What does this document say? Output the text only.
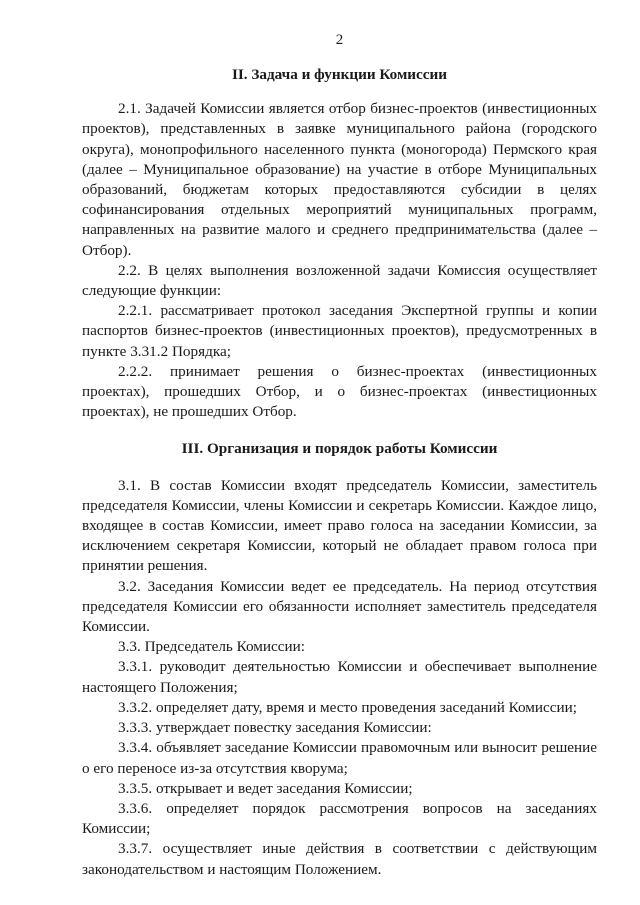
2
II. Задача и функции Комиссии

2.1. Задачей Комиссии является отбор бизнес-проектов (инвестиционных проектов), представленных в заявке муниципального района (городского округа), монопрофильного населенного пункта (моногорода) Пермского края (далее – Муниципальное образование) на участие в отборе Муниципальных образований, бюджетам которых предоставляются субсидии в целях софинансирования отдельных мероприятий муниципальных программ, направленных на развитие малого и среднего предпринимательства (далее – Отбор).

2.2. В целях выполнения возложенной задачи Комиссия осуществляет следующие функции:

2.2.1. рассматривает протокол заседания Экспертной группы и копии паспортов бизнес-проектов (инвестиционных проектов), предусмотренных в пункте 3.31.2 Порядка;

2.2.2. принимает решения о бизнес-проектах (инвестиционных проектах), прошедших Отбор, и о бизнес-проектах (инвестиционных проектах), не прошедших Отбор.

III. Организация и порядок работы Комиссии

3.1. В состав Комиссии входят председатель Комиссии, заместитель председателя Комиссии, члены Комиссии и секретарь Комиссии. Каждое лицо, входящее в состав Комиссии, имеет право голоса на заседании Комиссии, за исключением секретаря Комиссии, который не обладает правом голоса при принятии решения.

3.2. Заседания Комиссии ведет ее председатель. На период отсутствия председателя Комиссии его обязанности исполняет заместитель председателя Комиссии.

3.3. Председатель Комиссии:

3.3.1. руководит деятельностью Комиссии и обеспечивает выполнение настоящего Положения;

3.3.2. определяет дату, время и место проведения заседаний Комиссии;

3.3.3. утверждает повестку заседания Комиссии:

3.3.4. объявляет заседание Комиссии правомочным или выносит решение о его переносе из-за отсутствия кворума;

3.3.5. открывает и ведет заседания Комиссии;

3.3.6. определяет порядок рассмотрения вопросов на заседаниях Комиссии;

3.3.7. осуществляет иные действия в соответствии с действующим законодательством и настоящим Положением.
